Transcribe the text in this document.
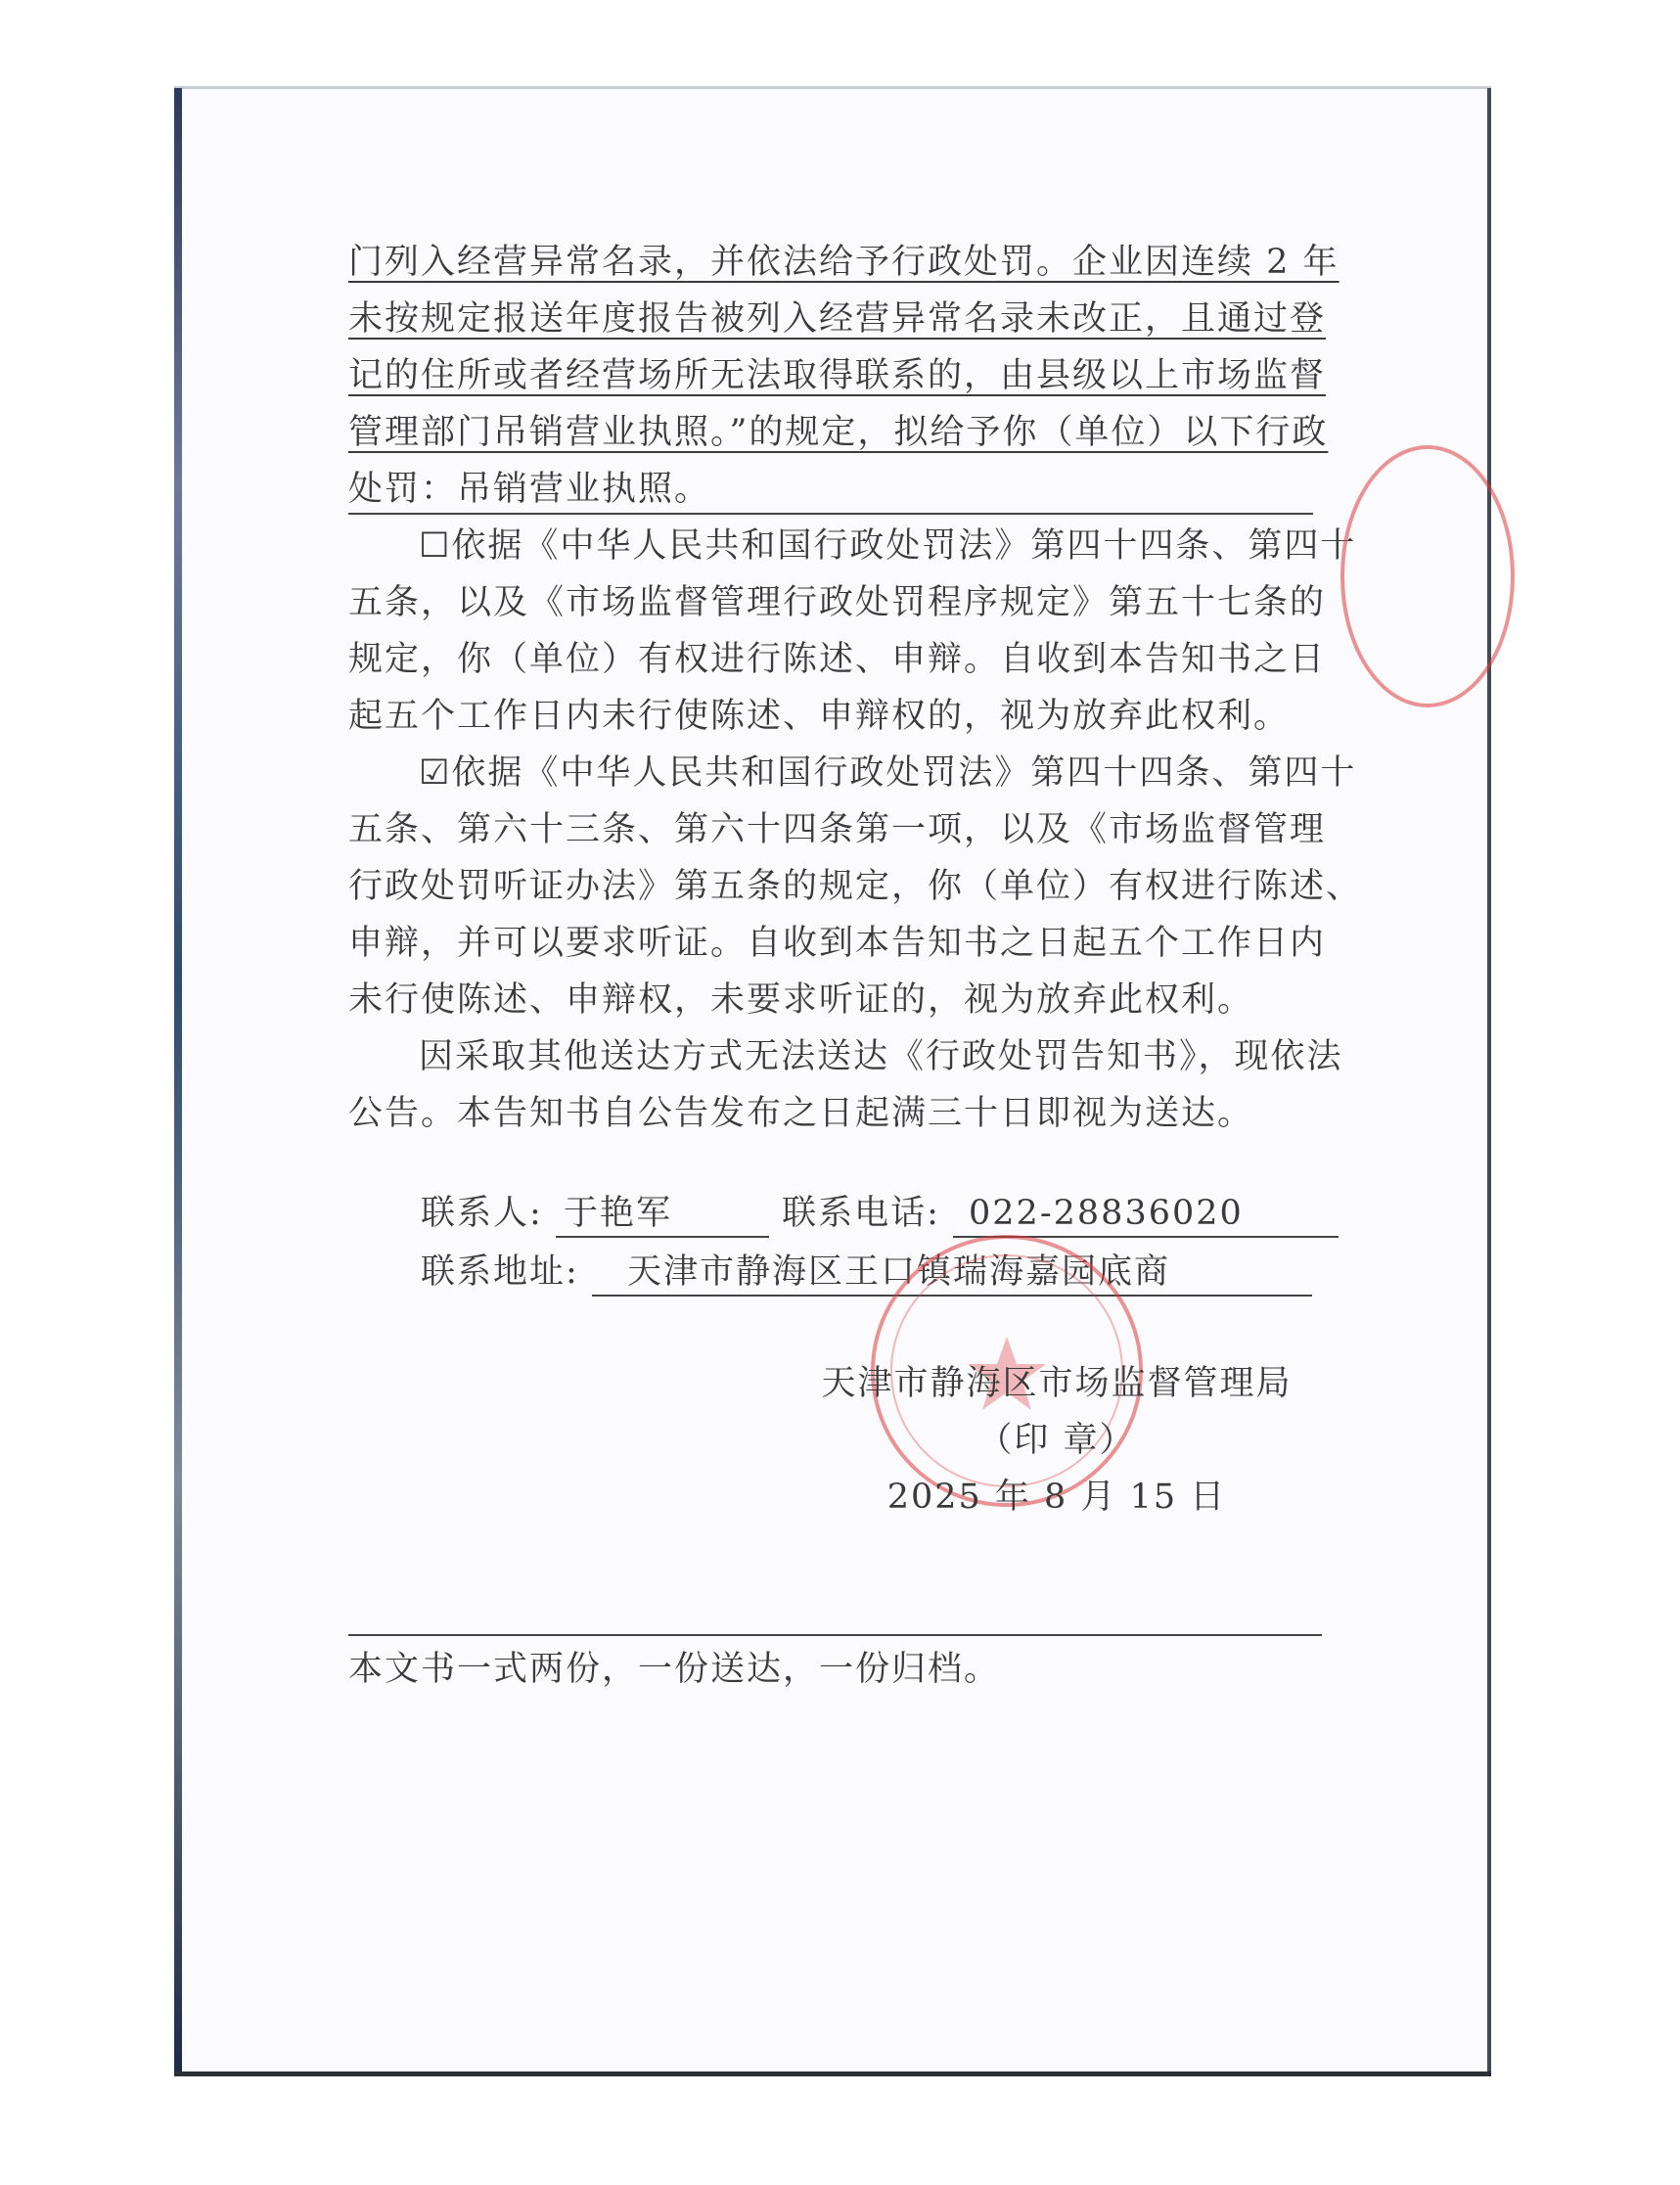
门列入经营异常名录，并依法给予行政处罚。企业因连续 2 年
未按规定报送年度报告被列入经营异常名录未改正，且通过登
记的住所或者经营场所无法取得联系的，由县级以上市场监督
管理部门吊销营业执照。”的规定，拟给予你（单位）以下行政
处罚：吊销营业执照。
☐依据《中华人民共和国行政处罚法》第四十四条、第四十
五条，以及《市场监督管理行政处罚程序规定》第五十七条的
规定，你（单位）有权进行陈述、申辩。自收到本告知书之日
起五个工作日内未行使陈述、申辩权的，视为放弃此权利。
☑依据《中华人民共和国行政处罚法》第四十四条、第四十
五条、第六十三条、第六十四条第一项，以及《市场监督管理
行政处罚听证办法》第五条的规定，你（单位）有权进行陈述、
申辩，并可以要求听证。自收到本告知书之日起五个工作日内
未行使陈述、申辩权，未要求听证的，视为放弃此权利。
因采取其他送达方式无法送达《行政处罚告知书》，现依法
公告。本告知书自公告发布之日起满三十日即视为送达。
联系人: 于艳军	联系电话: 022-28836020
联系地址: 天津市静海区王口镇瑞海嘉园底商
天津市静海区市场监督管理局
（印 章）
2025 年 8 月 15 日
本文书一式两份，一份送达，一份归档。
